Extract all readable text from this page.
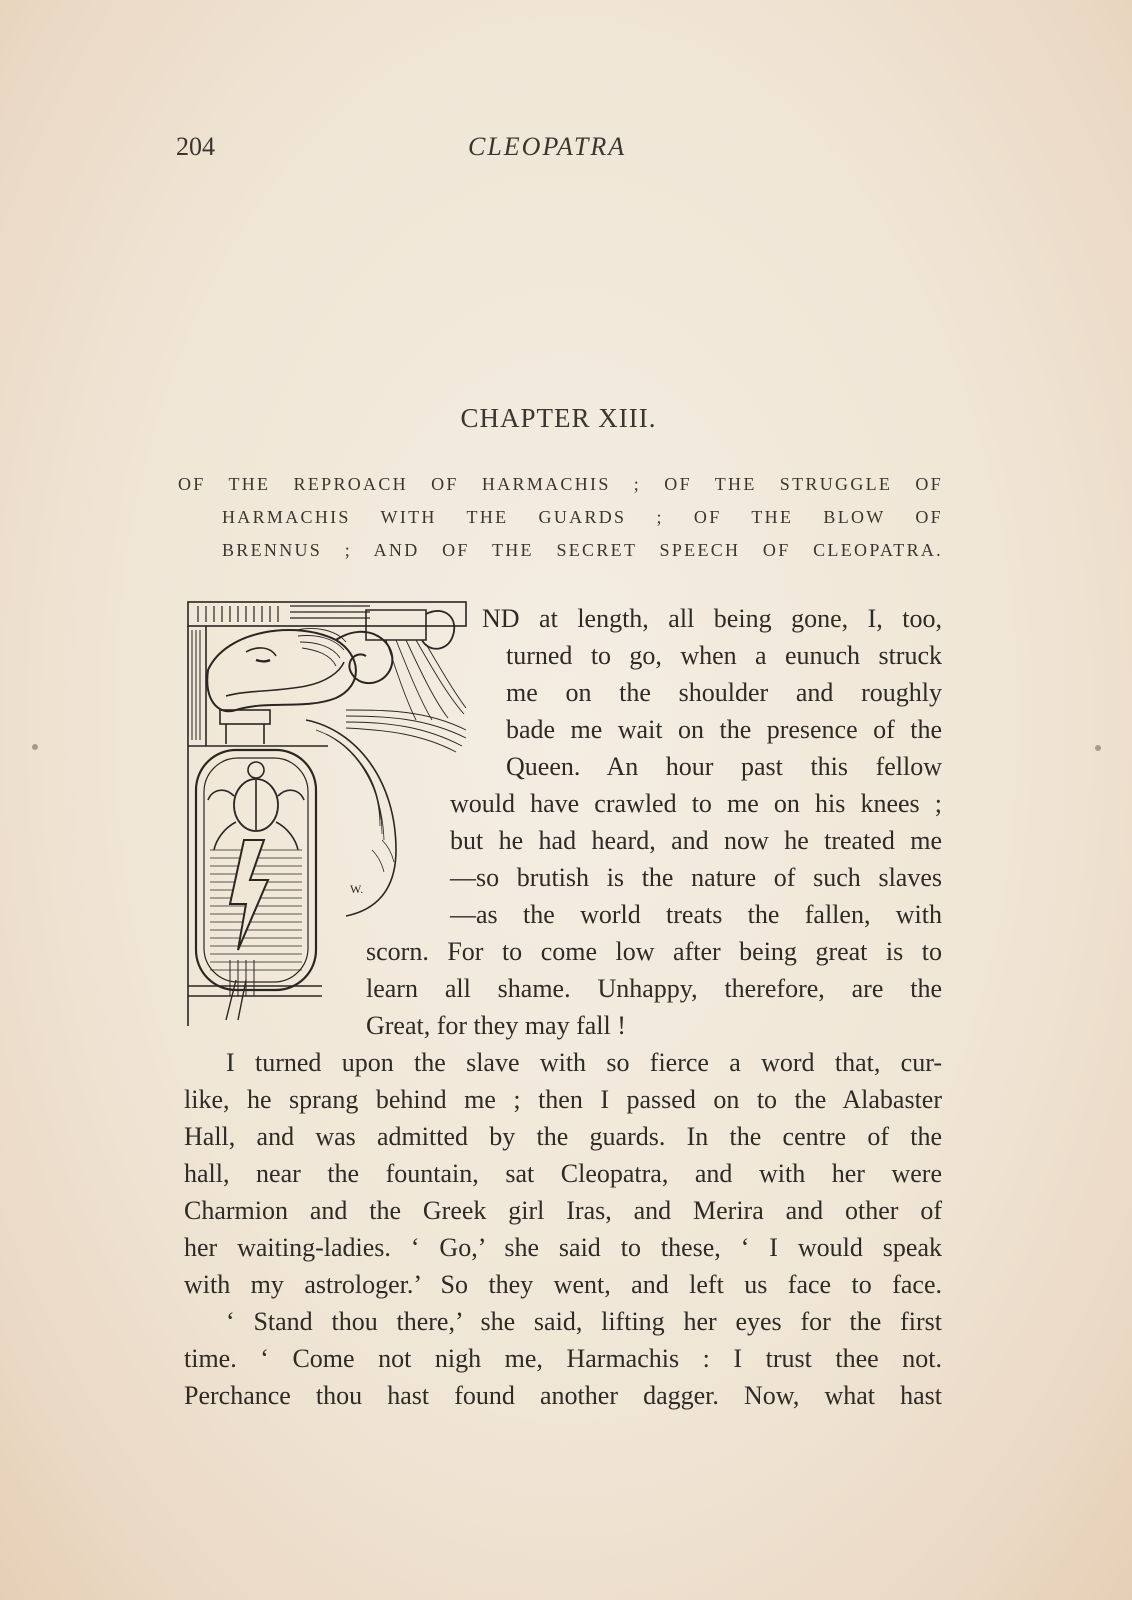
204	CLEOPATRA
CHAPTER XIII.
OF THE REPROACH OF HARMACHIS ; OF THE STRUGGLE OF
HARMACHIS WITH THE GUARDS ; OF THE BLOW OF
BRENNUS ; AND OF THE SECRET SPEECH OF CLEOPATRA.
W.
ND at length, all being gone, I, too,
turned to go, when a eunuch struck
me on the shoulder and roughly
bade me wait on the presence of the
Queen. An hour past this fellow
would have crawled to me on his knees ;
but he had heard, and now he treated me
—so brutish is the nature of such slaves
—as the world treats the fallen, with
scorn. For to come low after being great is to
learn all shame. Unhappy, therefore, are the
Great, for they may fall !
I turned upon the slave with so fierce a word that, cur-
like, he sprang behind me ; then I passed on to the Alabaster
Hall, and was admitted by the guards. In the centre of the
hall, near the fountain, sat Cleopatra, and with her were
Charmion and the Greek girl Iras, and Merira and other of
her waiting-ladies. ‘ Go,’ she said to these, ‘ I would speak
with my astrologer.’ So they went, and left us face to face.
‘ Stand thou there,’ she said, lifting her eyes for the first
time. ‘ Come not nigh me, Harmachis : I trust thee not.
Perchance thou hast found another dagger. Now, what hast
